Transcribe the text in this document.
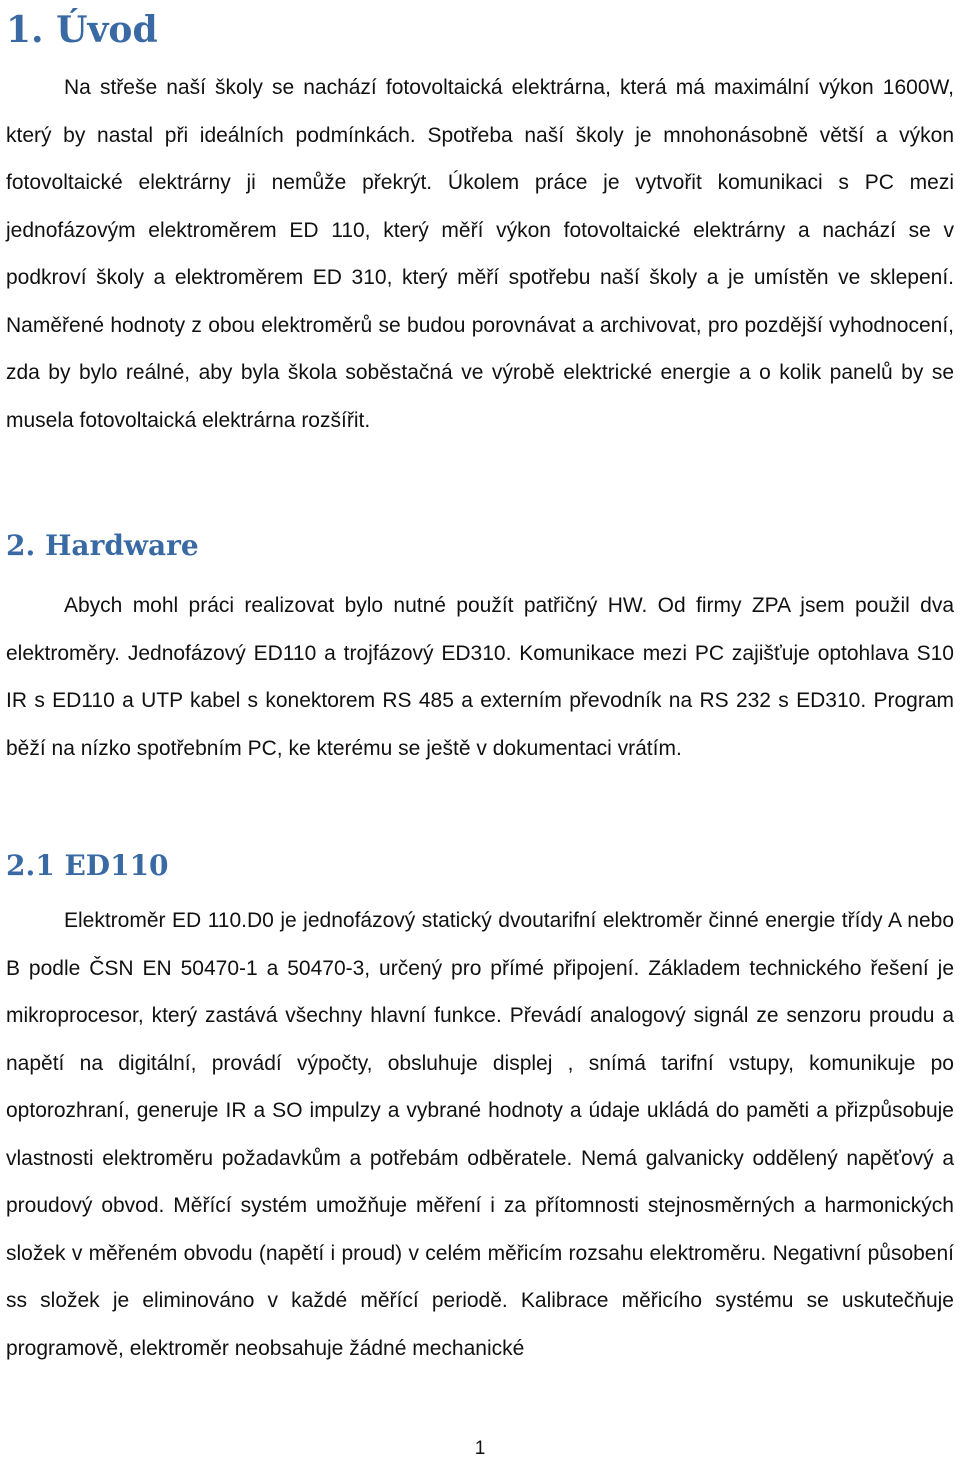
1. Úvod

Na střeše naší školy se nachází fotovoltaická elektrárna, která má maximální výkon 1600W, který by nastal při ideálních podmínkách. Spotřeba naší školy je mnohonásobně větší a výkon fotovoltaické elektrárny ji nemůže překrýt. Úkolem práce je vytvořit komunikaci s PC mezi jednofázovým elektroměrem ED 110, který měří výkon fotovoltaické elektrárny a nachází se v podkroví školy a elektroměrem ED 310, který měří spotřebu naší školy a je umístěn ve sklepení. Naměřené hodnoty z obou elektroměrů se budou porovnávat a archivovat, pro pozdější vyhodnocení, zda by bylo reálné, aby byla škola soběstačná ve výrobě elektrické energie a o kolik panelů by se musela fotovoltaická elektrárna rozšířit.

2. Hardware

Abych mohl práci realizovat bylo nutné použít patřičný HW. Od firmy ZPA jsem použil dva elektroměry. Jednofázový ED110 a trojfázový ED310. Komunikace mezi PC zajišťuje optohlava S10 IR s ED110 a UTP kabel s konektorem RS 485 a externím převodník na RS 232 s ED310. Program běží na nízko spotřebním PC, ke kterému se ještě v dokumentaci vrátím.

2.1 ED110

Elektroměr ED 110.D0 je jednofázový statický dvoutarifní elektroměr činné energie třídy A nebo B podle ČSN EN 50470-1 a 50470-3, určený pro přímé připojení. Základem technického řešení je mikroprocesor, který zastává všechny hlavní funkce. Převádí analogový signál ze senzoru proudu a napětí na digitální, provádí výpočty, obsluhuje displej , snímá tarifní vstupy, komunikuje po optorozhraní, generuje IR a SO impulzy a vybrané hodnoty a údaje ukládá do paměti a přizpůsobuje vlastnosti elektroměru požadavkům a potřebám odběratele. Nemá galvanicky oddělený napěťový a proudový obvod. Měřící systém umožňuje měření i za přítomnosti stejnosměrných a harmonických složek v měřeném obvodu (napětí i proud) v celém měřicím rozsahu elektroměru. Negativní působení ss složek je eliminováno v každé měřící periodě. Kalibrace měřicího systému se uskutečňuje programově, elektroměr neobsahuje žádné mechanické

1
